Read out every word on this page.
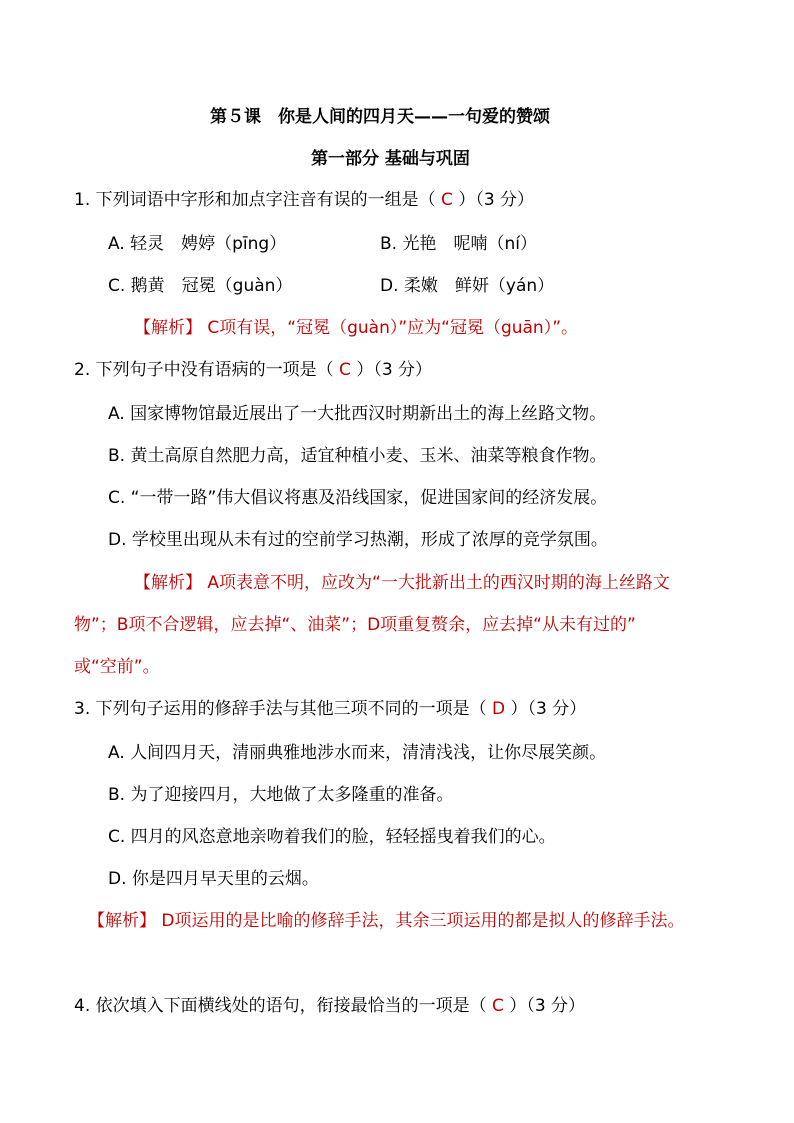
第５课　你是人间的四月天——一句爱的赞颂
第一部分 基础与巩固
1. 下列词语中字形和加点字注音有误的一组是（ C ）（3 分）
A. 轻灵　娉婷（pīng）	B. 光艳　呢喃（ní）
C. 鹅黄　冠冕（guàn）	D. 柔嫩　鲜妍（yán）
【解析】 C项有误，“冠冕（guàn）”应为“冠冕（guān）”。
2. 下列句子中没有语病的一项是（ C ）（3 分）
A. 国家博物馆最近展出了一大批西汉时期新出土的海上丝路文物。
B. 黄土高原自然肥力高，适宜种植小麦、玉米、油菜等粮食作物。
C. “一带一路”伟大倡议将惠及沿线国家，促进国家间的经济发展。
D. 学校里出现从未有过的空前学习热潮，形成了浓厚的竞学氛围。
【解析】 A项表意不明，应改为“一大批新出土的西汉时期的海上丝路文
物”；B项不合逻辑，应去掉“、油菜”；D项重复赘余，应去掉“从未有过的”
或“空前”。
3. 下列句子运用的修辞手法与其他三项不同的一项是（ D ）（3 分）
A. 人间四月天，清丽典雅地涉水而来，清清浅浅，让你尽展笑颜。
B. 为了迎接四月，大地做了太多隆重的准备。
C. 四月的风恣意地亲吻着我们的脸，轻轻摇曳着我们的心。
D. 你是四月早天里的云烟。
【解析】 D项运用的是比喻的修辞手法，其余三项运用的都是拟人的修辞手法。
4. 依次填入下面横线处的语句，衔接最恰当的一项是（ C ）（3 分）
